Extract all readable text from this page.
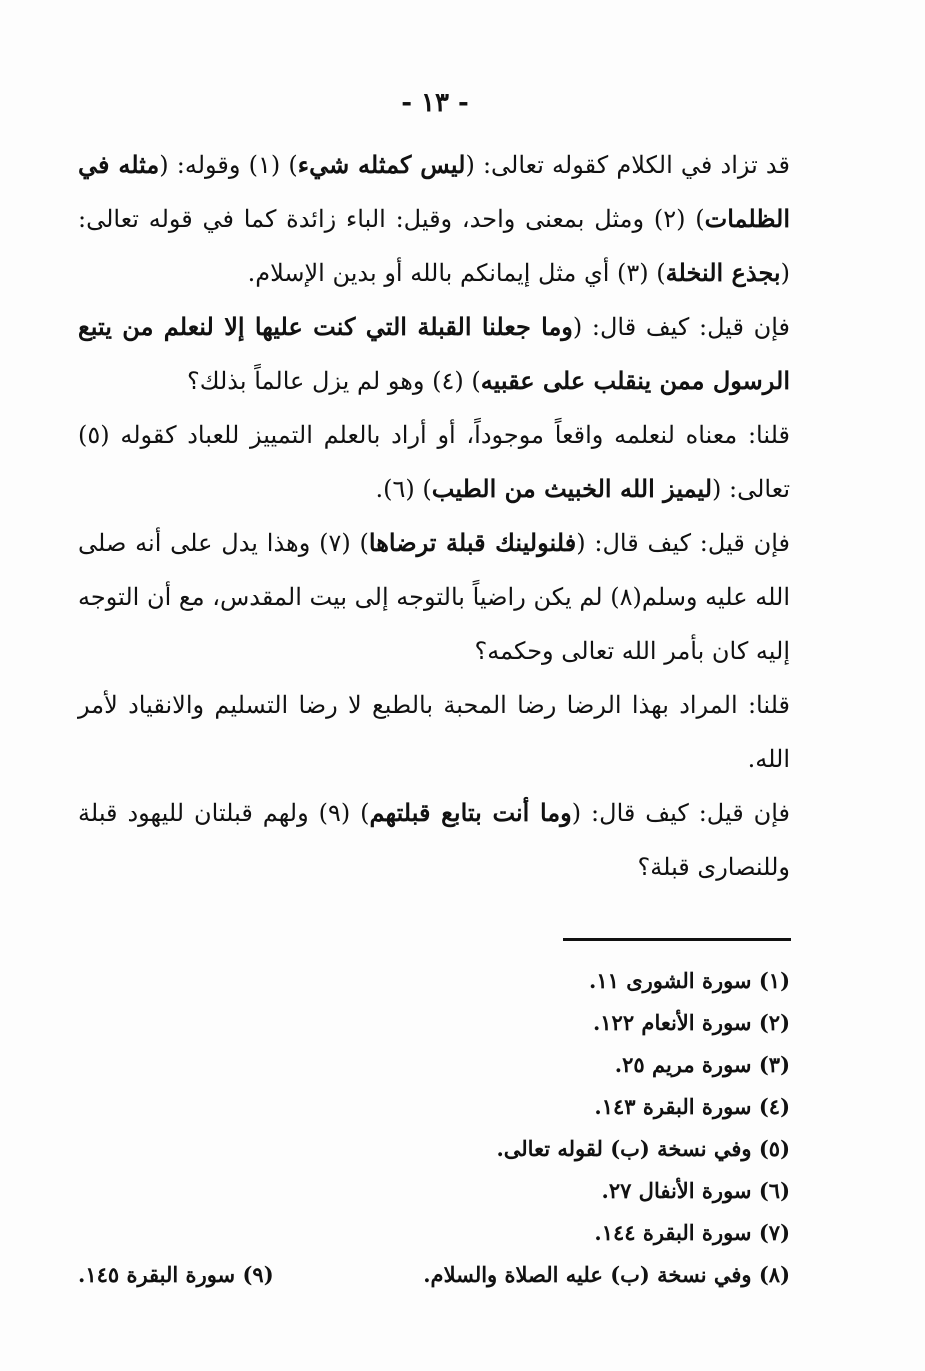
- ١٣ -

قد تزاد في الكلام كقوله تعالى: (ليس كمثله شيء) (١) وقوله: (مثله في الظلمات) (٢) ومثل بمعنى واحد، وقيل: الباء زائدة كما في قوله تعالى: (بجذع النخلة) (٣) أي مثل إيمانكم بالله أو بدين الإسلام.

فإن قيل: كيف قال: (وما جعلنا القبلة التي كنت عليها إلا لنعلم من يتبع الرسول ممن ينقلب على عقبيه) (٤) وهو لم يزل عالماً بذلك؟

قلنا: معناه لنعلمه واقعاً موجوداً، أو أراد بالعلم التمييز للعباد كقوله (٥) تعالى: (ليميز الله الخبيث من الطيب) (٦).

فإن قيل: كيف قال: (فلنولينك قبلة ترضاها) (٧) وهذا يدل على أنه صلى الله عليه وسلم(٨) لم يكن راضياً بالتوجه إلى بيت المقدس، مع أن التوجه إليه كان بأمر الله تعالى وحكمه؟

قلنا: المراد بهذا الرضا رضا المحبة بالطبع لا رضا التسليم والانقياد لأمر الله.

فإن قيل: كيف قال: (وما أنت بتابع قبلتهم) (٩) ولهم قبلتان لليهود قبلة وللنصارى قبلة؟

(١) سورة الشورى ١١.

(٢) سورة الأنعام ١٢٢.

(٣) سورة مريم ٢٥.

(٤) سورة البقرة ١٤٣.

(٥) وفي نسخة (ب) لقوله تعالى.

(٦) سورة الأنفال ٢٧.

(٧) سورة البقرة ١٤٤.

(٨) وفي نسخة (ب) عليه الصلاة والسلام.
(٩) سورة البقرة ١٤٥.
